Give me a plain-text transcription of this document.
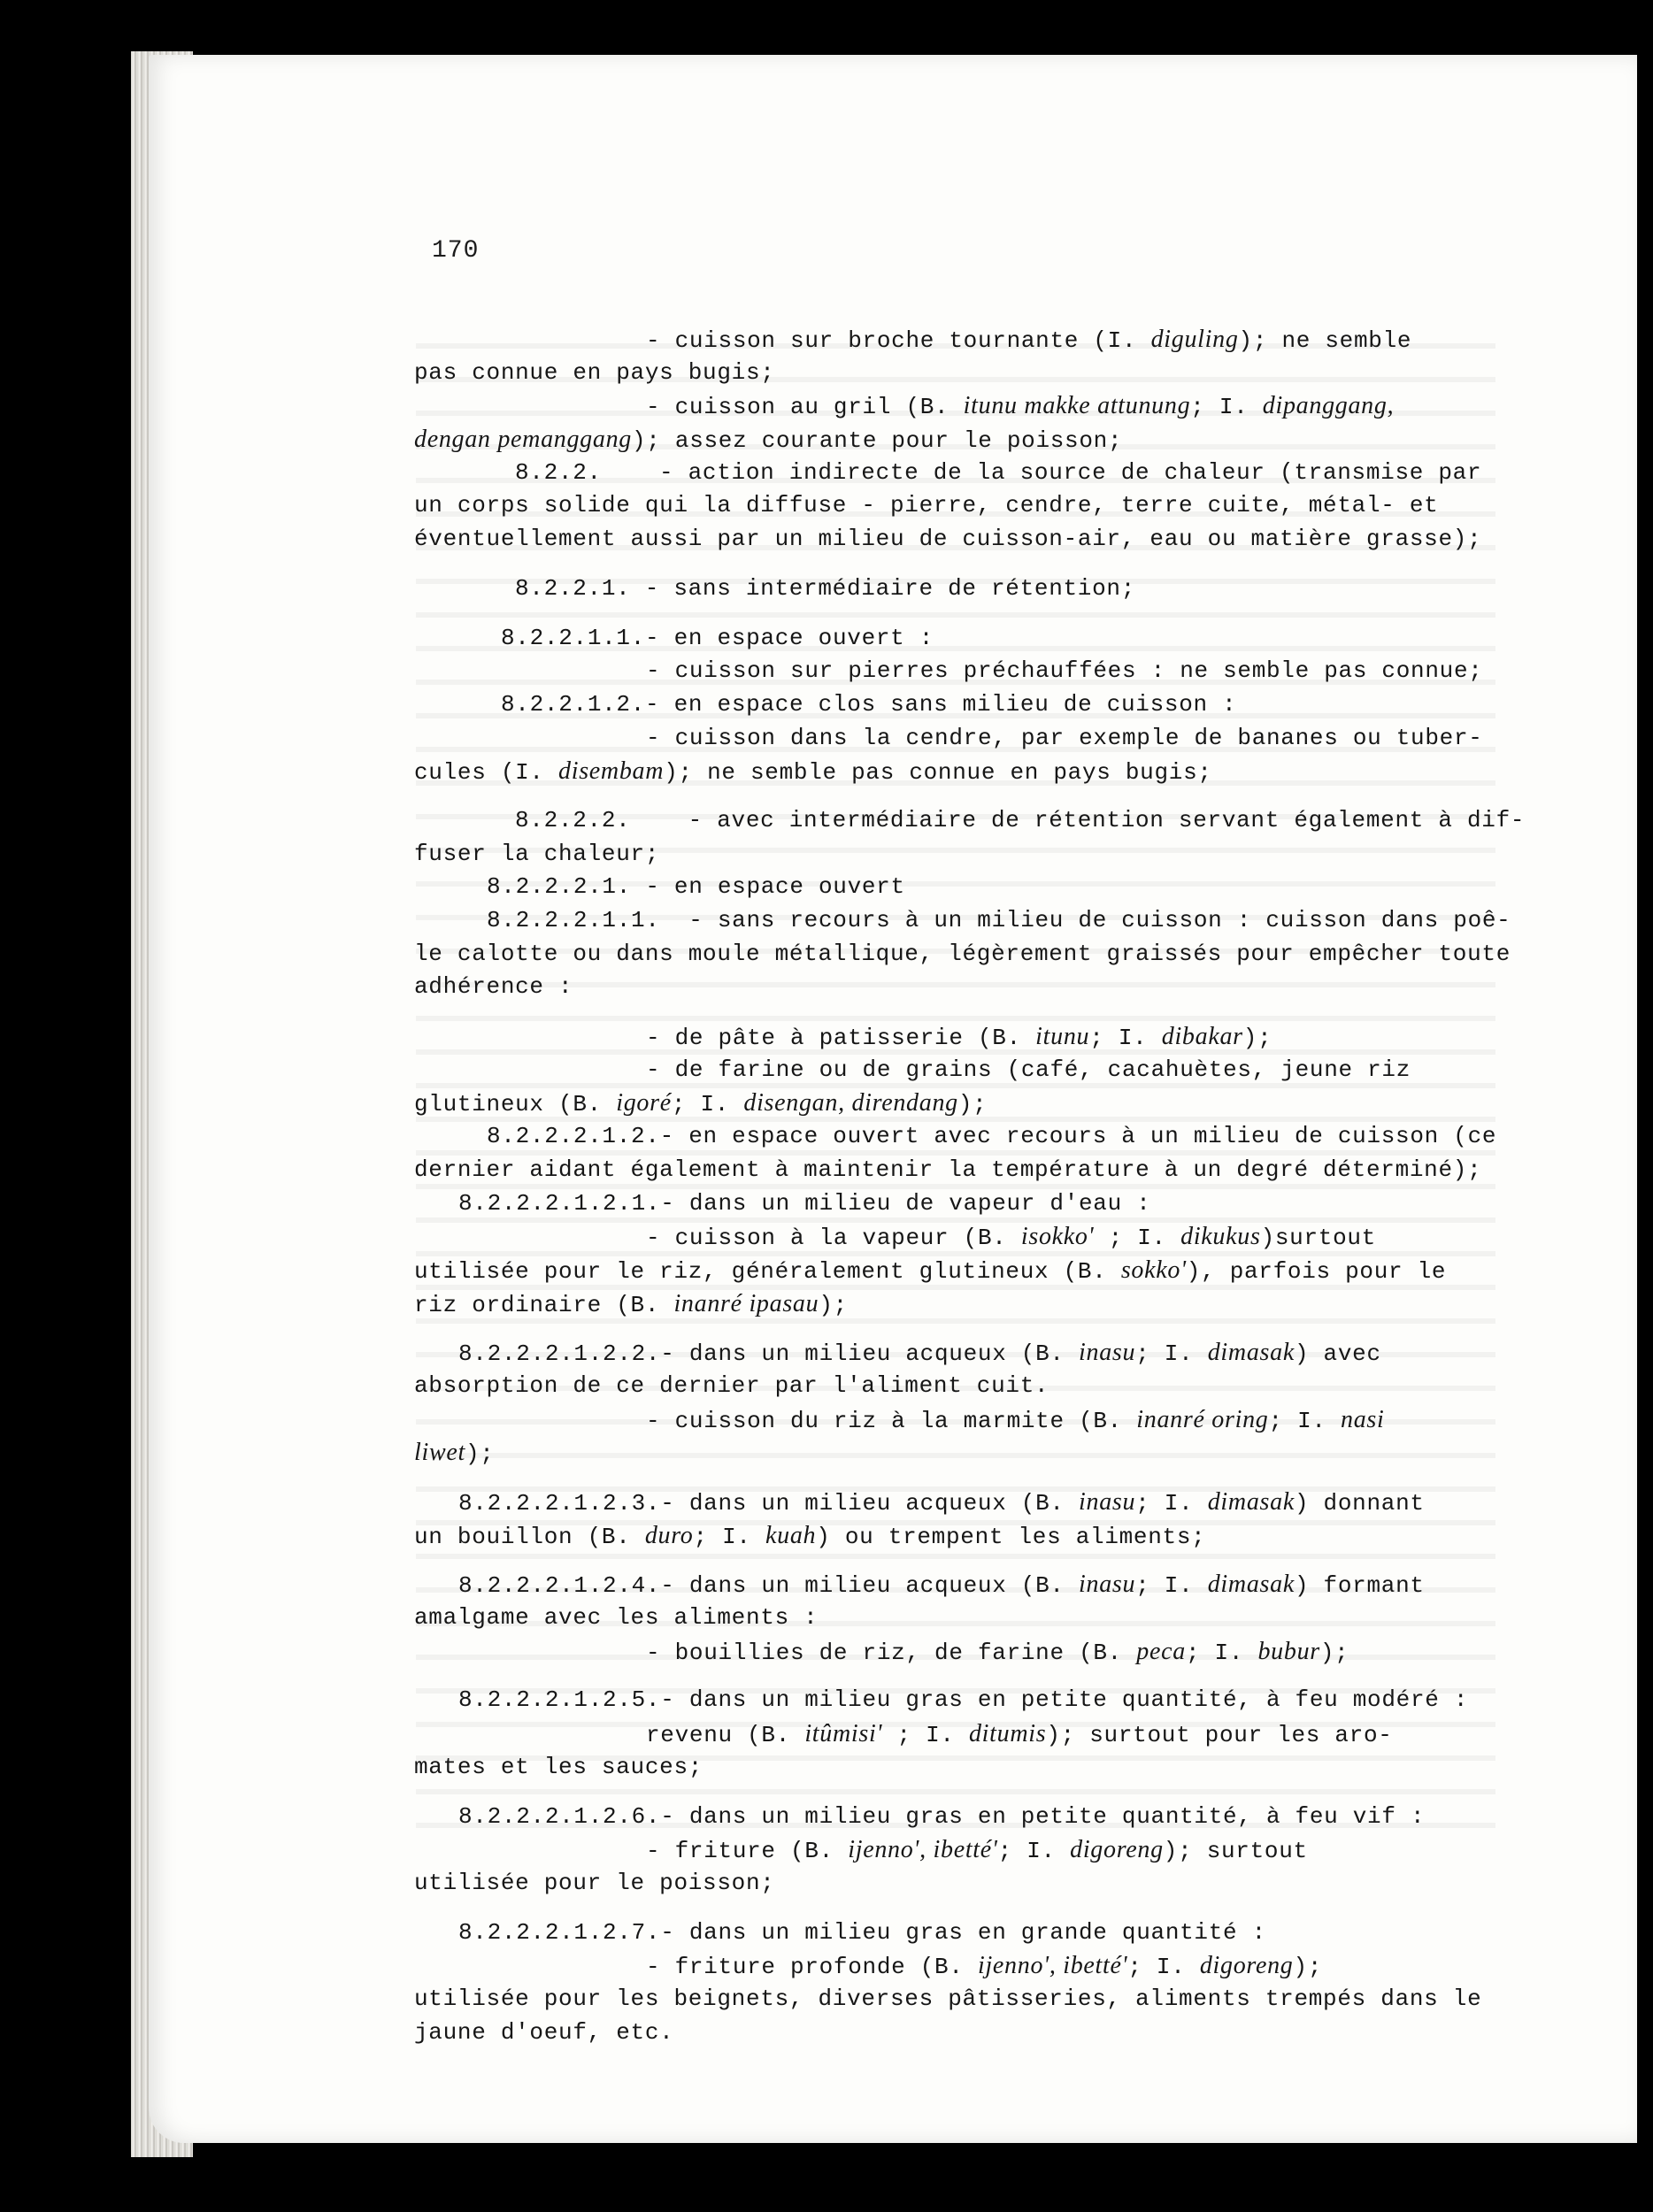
170
- cuisson sur broche tournante (I. diguling); ne semble
pas connue en pays bugis;
- cuisson au gril (B. itunu makke attunung; I. dipanggang,
dengan pemanggang); assez courante pour le poisson;
8.2.2.    - action indirecte de la source de chaleur (transmise par
un corps solide qui la diffuse - pierre, cendre, terre cuite, métal- et
éventuellement aussi par un milieu de cuisson-air, eau ou matière grasse);
8.2.2.1. - sans intermédiaire de rétention;
8.2.2.1.1.- en espace ouvert :
- cuisson sur pierres préchauffées : ne semble pas connue;
8.2.2.1.2.- en espace clos sans milieu de cuisson :
- cuisson dans la cendre, par exemple de bananes ou tuber-
cules (I. disembam); ne semble pas connue en pays bugis;
8.2.2.2.    - avec intermédiaire de rétention servant également à dif-
fuser la chaleur;
8.2.2.2.1. - en espace ouvert
8.2.2.2.1.1.  - sans recours à un milieu de cuisson : cuisson dans poê-
le calotte ou dans moule métallique, légèrement graissés pour empêcher toute
adhérence :
- de pâte à patisserie (B. itunu; I. dibakar);
- de farine ou de grains (café, cacahuètes, jeune riz
glutineux (B. igoré; I. disengan, direndang);
8.2.2.2.1.2.- en espace ouvert avec recours à un milieu de cuisson (ce
dernier aidant également à maintenir la température à un degré déterminé);
8.2.2.2.1.2.1.- dans un milieu de vapeur d'eau :
- cuisson à la vapeur (B. isokko' ; I. dikukus)surtout
utilisée pour le riz, généralement glutineux (B. sokko'), parfois pour le
riz ordinaire (B. inanré ipasau);
8.2.2.2.1.2.2.- dans un milieu acqueux (B. inasu; I. dimasak) avec
absorption de ce dernier par l'aliment cuit.
- cuisson du riz à la marmite (B. inanré oring; I. nasi
liwet);
8.2.2.2.1.2.3.- dans un milieu acqueux (B. inasu; I. dimasak) donnant
un bouillon (B. duro; I. kuah) ou trempent les aliments;
8.2.2.2.1.2.4.- dans un milieu acqueux (B. inasu; I. dimasak) formant
amalgame avec les aliments :
- bouillies de riz, de farine (B. peca; I. bubur);
8.2.2.2.1.2.5.- dans un milieu gras en petite quantité, à feu modéré :
revenu (B. itûmisi' ; I. ditumis); surtout pour les aro-
mates et les sauces;
8.2.2.2.1.2.6.- dans un milieu gras en petite quantité, à feu vif :
- friture (B. ijenno', ibetté'; I. digoreng); surtout
utilisée pour le poisson;
8.2.2.2.1.2.7.- dans un milieu gras en grande quantité :
- friture profonde (B. ijenno', ibetté'; I. digoreng);
utilisée pour les beignets, diverses pâtisseries, aliments trempés dans le
jaune d'oeuf, etc.
